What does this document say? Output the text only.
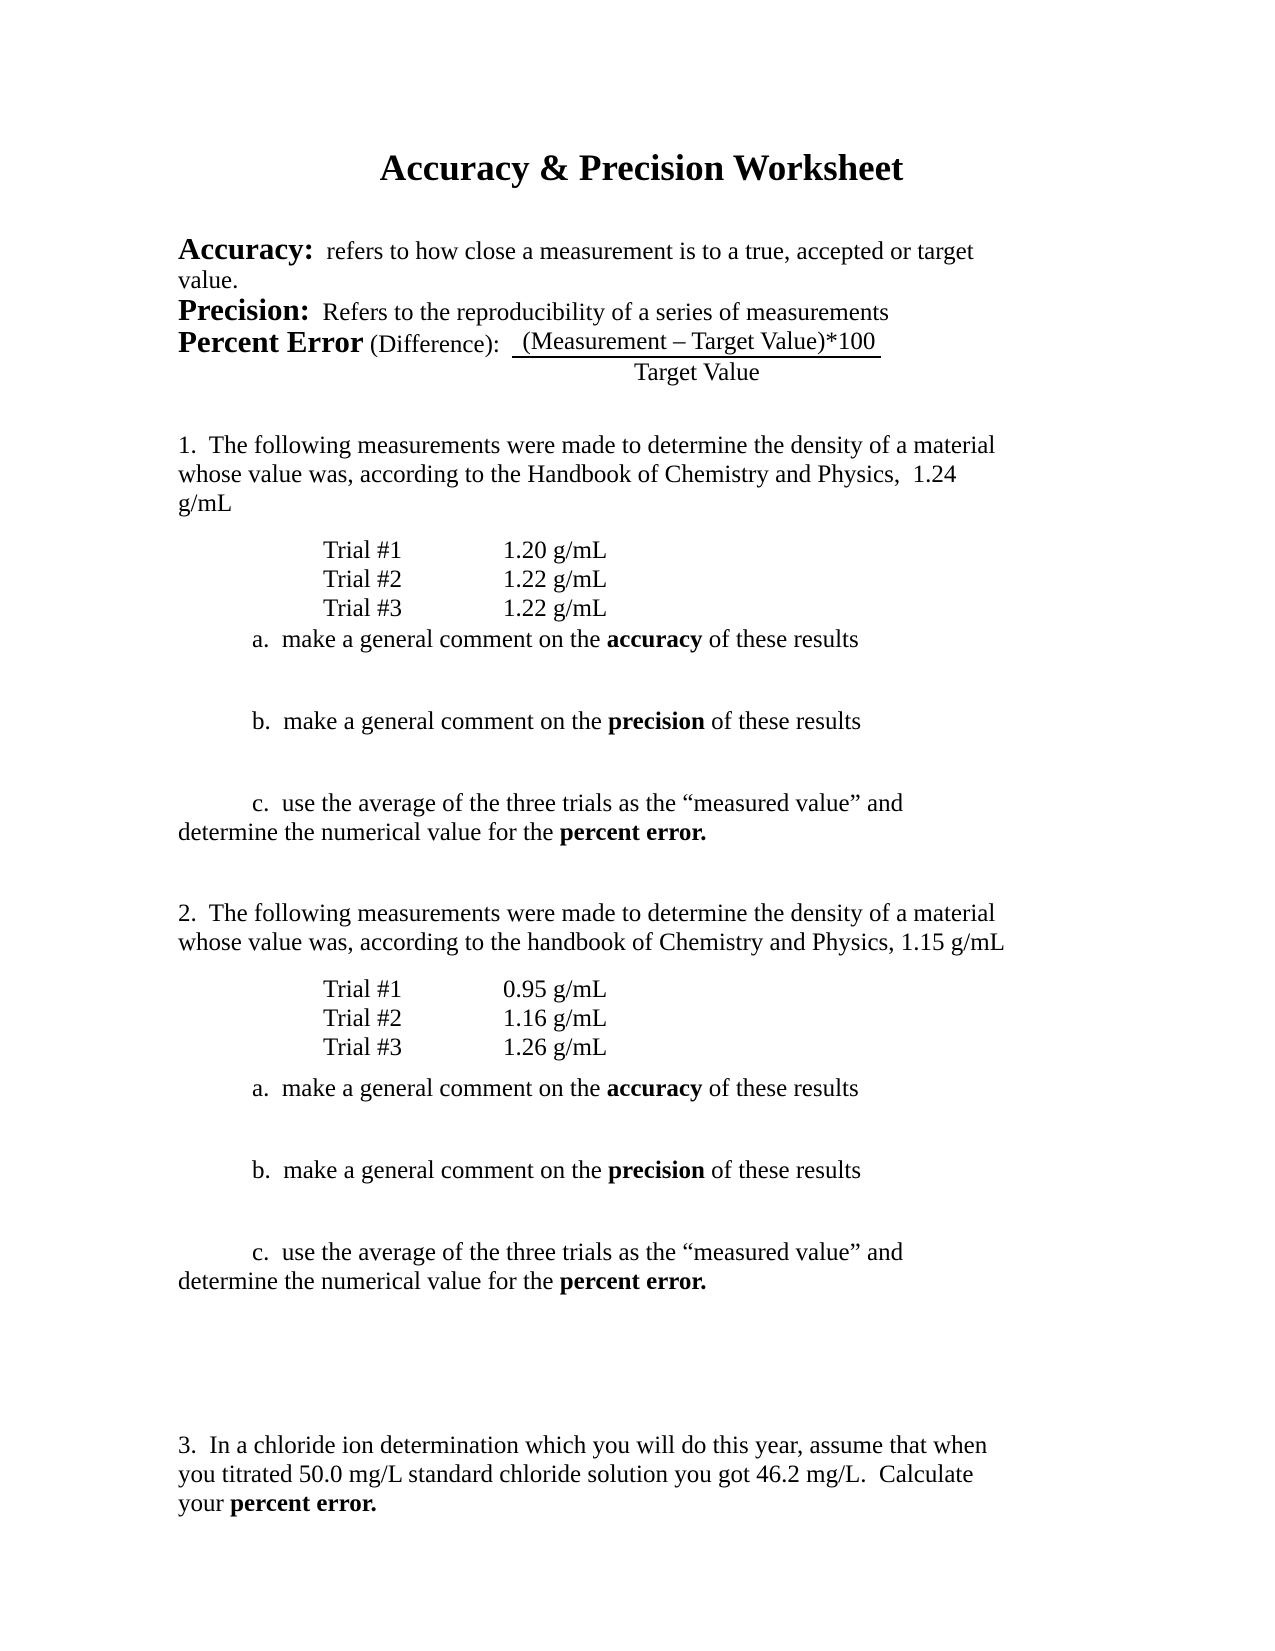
Accuracy & Precision Worksheet

Accuracy:  refers to how close a measurement is to a true, accepted or target

value.

Precision:  Refers to the reproducibility of a series of measurements

Percent Error (Difference): $\frac{\text{(Measurement – Target Value)*100}}{\text{Target Value}}$

1.  The following measurements were made to determine the density of a material

whose value was, according to the Handbook of Chemistry and Physics,  1.24

g/mL

Trial #1	1.20 g/mL
Trial #2	1.22 g/mL
Trial #3	1.22 g/mL

a.  make a general comment on the accuracy of these results

b.  make a general comment on the precision of these results

c.  use the average of the three trials as the “measured value” and

determine the numerical value for the percent error.

2.  The following measurements were made to determine the density of a material

whose value was, according to the handbook of Chemistry and Physics, 1.15 g/mL

Trial #1	0.95 g/mL
Trial #2	1.16 g/mL
Trial #3	1.26 g/mL

a.  make a general comment on the accuracy of these results

b.  make a general comment on the precision of these results

c.  use the average of the three trials as the “measured value” and

determine the numerical value for the percent error.

3.  In a chloride ion determination which you will do this year, assume that when

you titrated 50.0 mg/L standard chloride solution you got 46.2 mg/L.  Calculate

your percent error.
